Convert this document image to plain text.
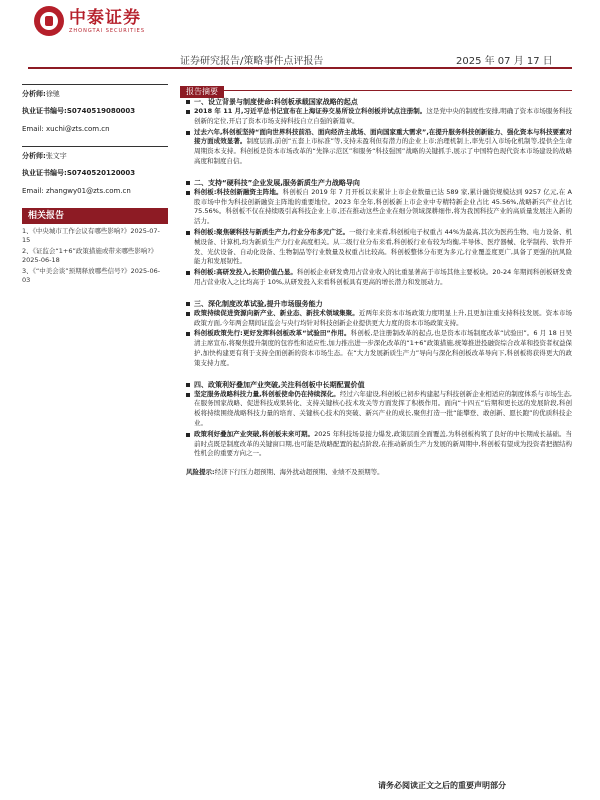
中泰证券
ZHONGTAI SECURITIES
证券研究报告/策略事件点评报告	2025 年 07 月 17 日
分析师:徐驰
执业证书编号:S0740519080003
Email: xuchi@zts.com.cn
分析师:张文宇
执业证书编号:S0740520120003
Email: zhangwy01@zts.com.cn
相关报告
1、《中央城市工作会议有哪些影响?》2025-07-15
2、《证监会“1+6”政策措施或带来哪些影响?》2025-06-18
3、《“中美会谈”预期释放哪些信号?》2025-06-03
报告摘要
一、设立背景与制度使命:科创板承载国家战略的起点

2018 年 11 月,习近平总书记宣布在上海证券交易所设立科创板并试点注册制。这是党中央的制度性安排,明确了资本市场服务科技创新的定位,开启了资本市场支持科技自立自强的新篇章。

过去六年,科创板坚持“面向世界科技前沿、面向经济主战场、面向国家重大需求”,在提升服务科技创新能力、强化资本与科技要素对接方面成效显著。制度层面,前创“五套上市标准”等,支持未盈利但有潜力的企业上市;治理机制上,率先引入市场化机制等,提供全生命周期资本支持。科创板是资本市场改革的“先锋示范区”和服务“科技强国”战略的关键抓手,展示了中国特色现代资本市场建设的战略高度和制度自信。

二、支持“硬科技”企业发展,服务新质生产力战略导向

科创板:科技创新融资主阵地。科创板自 2019 年 7 月开板以来累计上市企业数量已达 589 家,累计融资规模达到 9257 亿元,在 A 股市场中作为科技创新融资主阵地的重要地位。2023 年全年,科创板新上市企业中专精特新企业占比 45.56%,战略新兴产业占比 75.56%。科创板不仅在持续吸引高科技企业上市,还在推动这些企业在细分领域深耕细作,将为我国科技产业的高质量发展注入新的活力。

科创板:聚焦硬科技与新质生产力,行业分布多元广泛。一级行业来看,科创板电子权重占 44%为最高,其次为医药生物、电力设备、机械设备、计算机,均为新质生产力行业高度相关。从二级行业分布来看,科创板行业布较为均衡,半导体、医疗器械、化学制药、软件开发、光伏设备、自动化设备、生物制品等行业数量及权重占比较高。科创板整体分布更为多元,行业覆盖度更广,具备了更强的抗风险能力和发展韧性。

科创板:高研发投入,长期价值凸显。科创板企业研发费用占营业收入的比重显著高于市场其他主要板块。20-24 年期间科创板研发费用占营业收入之比均高于 10%,从研发投入来看科创板具有更高的增长潜力和发展动力。

三、深化制度改革试验,提升市场服务能力

政策持续促进资源向新产业、新业态、新技术领域集聚。近两年来资本市场政策力度明显上升,且更加注重支持科技发展。资本市场政策方面,今年两会期间证监会与央行均针对科技创新企业提供更大力度的资本市场政策支持。

科创板政策先行:更好发挥科创板改革“试验田”作用。科创板,是注册制改革的起点,也是资本市场制度改革“试验田”。6 月 18 日吴清主席宣布,将聚焦提升制度的包容性和适应性,加力推出进一步深化改革的“1+6”政策措施,统筹推进投融资综合改革和投资者权益保护,加快构建更有利于支持全面创新的资本市场生态。在“大力发展新质生产力”导向与深化科创板改革导向下,科创板将获得更大的政策支持力度。

四、政策利好叠加产业突破,关注科创板中长期配置价值

坚定服务战略科技力量,科创板使命仍在持续深化。经过六年建设,科创板已初步构建起与科技创新企业相适应的制度体系与市场生态,在服务国家战略、促进科技成果转化、支持关键核心技术攻关等方面发挥了积极作用。面向“十四五”后期和更长远的发展阶段,科创板将持续围绕战略科技力量的培育、关键核心技术的突破、新兴产业的成长,聚焦打造一批“能攀登、敢创新、愿长跑”的优质科技企业。

政策利好叠加产业突破,科创板未来可期。2025 年科技场景接力爆发,政策层面全面覆盖,为科创板构筑了良好的中长期成长基础。当前时点既是制度改革的关键窗口期,也可能是战略配置的起点阶段,在推动新质生产力发展的新周期中,科创板有望成为投资者把握结构性机会的重要方向之一。

风险提示:经济下行压力超预期、海外扰动超预期、业绩不及预期等。

请务必阅读正文之后的重要声明部分
